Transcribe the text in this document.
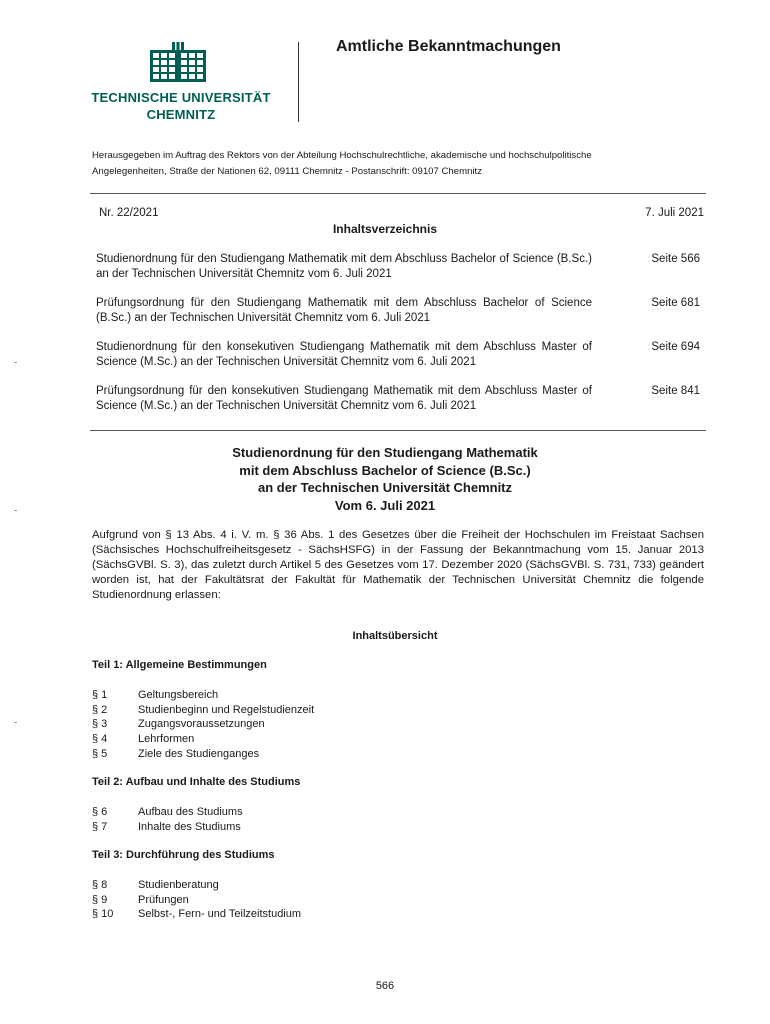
TECHNISCHE UNIVERSITÄT
CHEMNITZ
Amtliche Bekanntmachungen
Herausgegeben im Auftrag des Rektors von der Abteilung Hochschulrechtliche, akademische und hochschulpolitische
Angelegenheiten, Straße der Nationen 62, 09111 Chemnitz - Postanschrift: 09107 Chemnitz
Nr. 22/2021	7. Juli 2021
Inhaltsverzeichnis
Studienordnung für den Studiengang Mathematik mit dem Abschluss Bachelor of Science (B.Sc.) an der Technischen Universität Chemnitz vom 6. Juli 2021
Seite 566
Prüfungsordnung für den Studiengang Mathematik mit dem Abschluss Bachelor of Science (B.Sc.) an der Technischen Universität Chemnitz vom 6. Juli 2021
Seite 681
Studienordnung für den konsekutiven Studiengang Mathematik mit dem Abschluss Master of Science (M.Sc.) an der Technischen Universität Chemnitz vom 6. Juli 2021
Seite 694
Prüfungsordnung für den konsekutiven Studiengang Mathematik mit dem Abschluss Master of Science (M.Sc.) an der Technischen Universität Chemnitz vom 6. Juli 2021
Seite 841
Studienordnung für den Studiengang Mathematik
mit dem Abschluss Bachelor of Science (B.Sc.)
an der Technischen Universität Chemnitz
Vom 6. Juli 2021
Aufgrund von § 13 Abs. 4 i. V. m. § 36 Abs. 1 des Gesetzes über die Freiheit der Hochschulen im Freistaat Sachsen (Sächsisches Hochschulfreiheitsgesetz - SächsHSFG) in der Fassung der Bekanntmachung vom 15. Januar 2013 (SächsGVBl. S. 3), das zuletzt durch Artikel 5 des Gesetzes vom 17. Dezember 2020 (SächsGVBl. S. 731, 733) geändert worden ist, hat der Fakultätsrat der Fakultät für Mathematik der Technischen Universität Chemnitz die folgende Studienordnung erlassen:
Inhaltsübersicht
Teil 1: Allgemeine Bestimmungen
§ 1	Geltungsbereich
§ 2	Studienbeginn und Regelstudienzeit
§ 3	Zugangsvoraussetzungen
§ 4	Lehrformen
§ 5	Ziele des Studienganges
Teil 2: Aufbau und Inhalte des Studiums
§ 6	Aufbau des Studiums
§ 7	Inhalte des Studiums
Teil 3: Durchführung des Studiums
§ 8	Studienberatung
§ 9	Prüfungen
§ 10	Selbst-, Fern- und Teilzeitstudium
566
